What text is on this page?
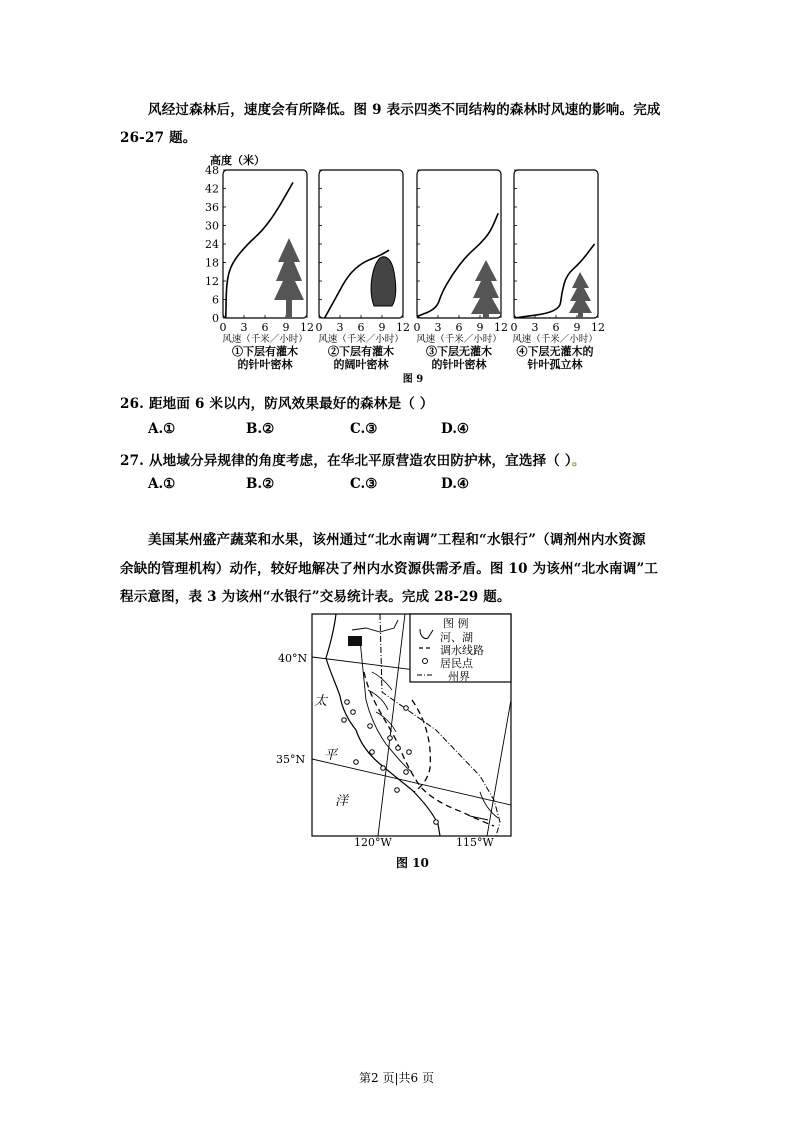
风经过森林后，速度会有所降低。图 9 表示四类不同结构的森林时风速的影响。完成
26-27 题。
48
42
36
30
24
18
12
6
0
0 3 6 9 12 0 3 6 9 12 0 3 6 9 12 0 3 6 9 12
高度（米）
风速（千米／小时）
①下层有灌木
的针叶密林
风速（千米／小时）
②下层有灌木
的阔叶密林
风速（千米／小时）
③下层无灌木
的针叶密林
风速（千米／小时）
④下层无灌木的
针叶孤立林
图 9
26. 距地面 6 米以内，防风效果最好的森林是（ ）
A.①	B.②	C.③	D.④
27. 从地域分异规律的角度考虑，在华北平原营造农田防护林，宜选择（ ）。
A.①	B.②	C.③	D.④
美国某州盛产蔬菜和水果，该州通过“北水南调”工程和“水银行”（调剂州内水资源
余缺的管理机构）动作，较好地解决了州内水资源供需矛盾。图 10 为该州“北水南调”工
程示意图，表 3 为该州“水银行”交易统计表。完成 28-29 题。
图 例
河、湖
调水线路
居民点
州界
40°N
35°N
120°W	115°W
太
平
洋
图 10
第2 页|共6 页
